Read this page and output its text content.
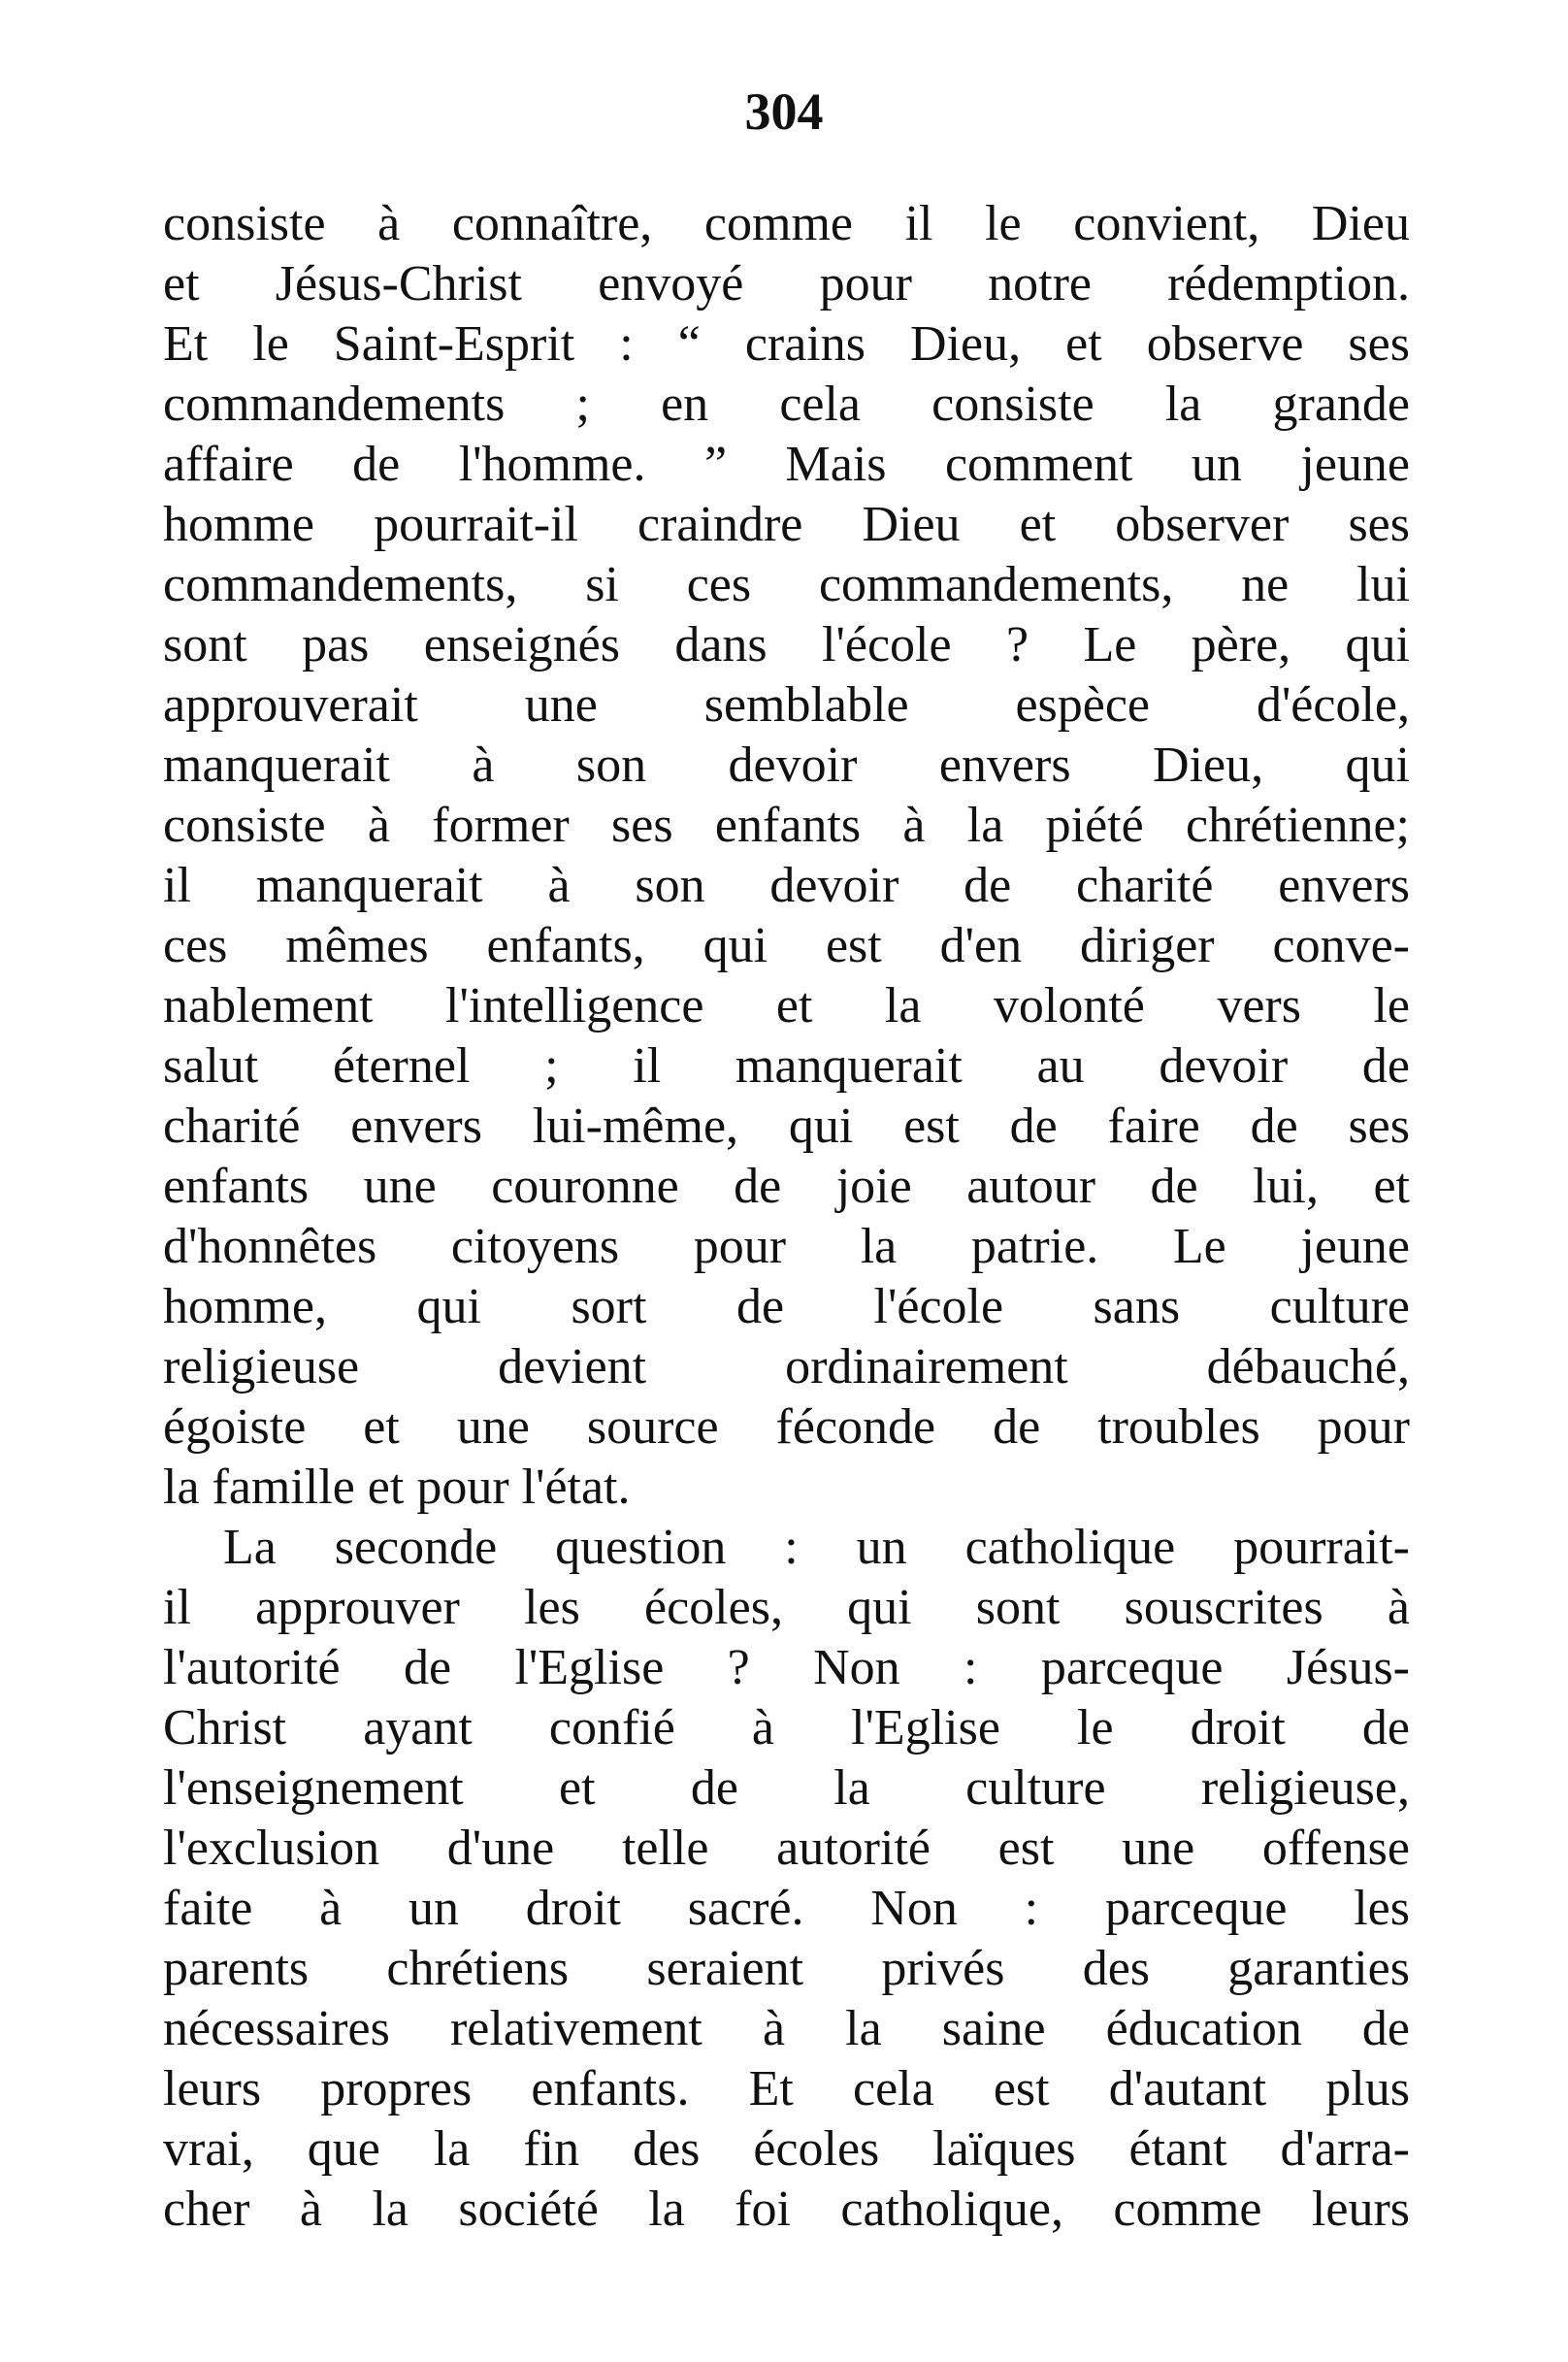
304
consiste à connaître, comme il le convient, Dieu
et Jésus-Christ envoyé pour notre rédemption.
Et le Saint-Esprit : “ crains Dieu, et observe ses
commandements ; en cela consiste la grande
affaire de l'homme. ” Mais comment un jeune
homme pourrait-il craindre Dieu et observer ses
commandements, si ces commandements, ne lui
sont pas enseignés dans l'école ? Le père, qui
approuverait une semblable espèce d'école,
manquerait à son devoir envers Dieu, qui
consiste à former ses enfants à la piété chrétienne;
il manquerait à son devoir de charité envers
ces mêmes enfants, qui est d'en diriger conve-
nablement l'intelligence et la volonté vers le
salut éternel ; il manquerait au devoir de
charité envers lui-même, qui est de faire de ses
enfants une couronne de joie autour de lui, et
d'honnêtes citoyens pour la patrie. Le jeune
homme, qui sort de l'école sans culture
religieuse devient ordinairement débauché,
égoiste et une source féconde de troubles pour
la famille et pour l'état.
La seconde question : un catholique pourrait-
il approuver les écoles, qui sont souscrites à
l'autorité de l'Eglise ? Non : parceque Jésus-
Christ ayant confié à l'Eglise le droit de
l'enseignement et de la culture religieuse,
l'exclusion d'une telle autorité est une offense
faite à un droit sacré. Non : parceque les
parents chrétiens seraient privés des garanties
nécessaires relativement à la saine éducation de
leurs propres enfants. Et cela est d'autant plus
vrai, que la fin des écoles laïques étant d'arra-
cher à la société la foi catholique, comme leurs
